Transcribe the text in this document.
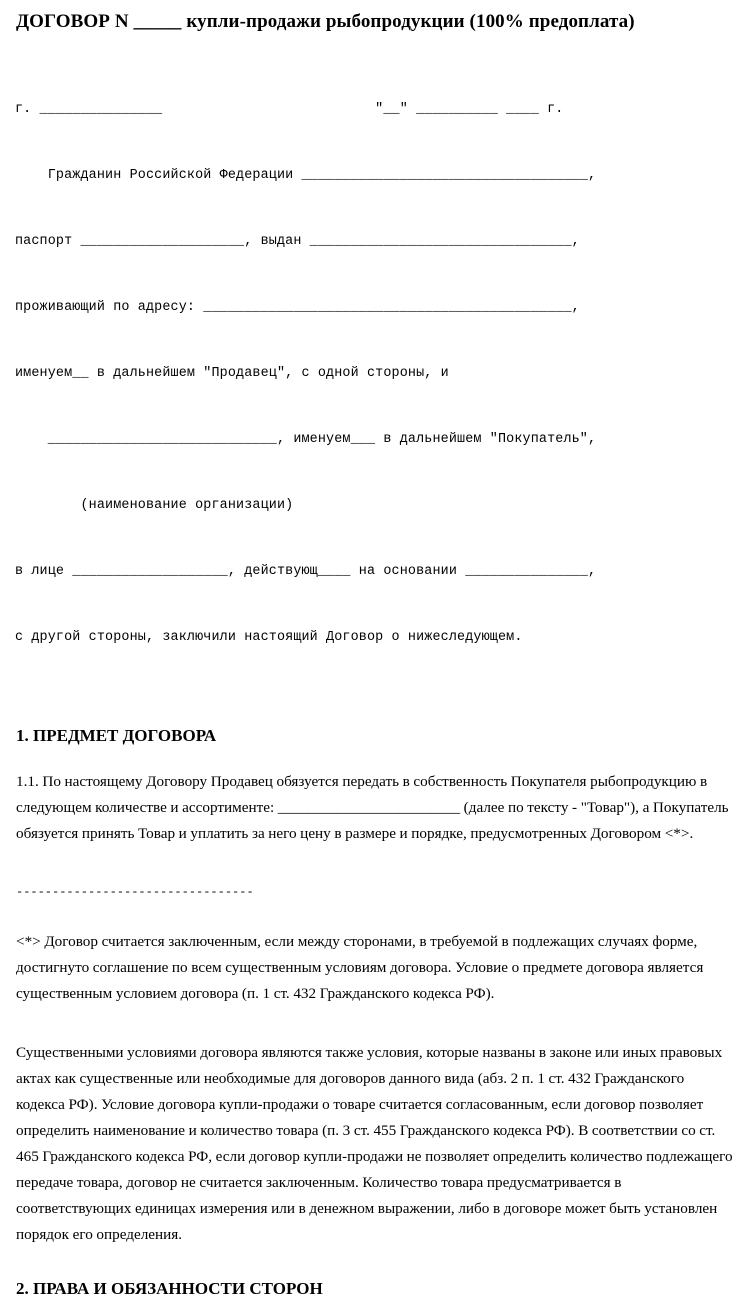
ДОГОВОР N _____ купли-продажи рыбопродукции (100% предоплата)

г. _______________                          "__" __________ ____ г.

Гражданин Российской Федерации ___________________________________,

паспорт ____________________, выдан ________________________________,

проживающий по адресу: _____________________________________________,

именуем__ в дальнейшем "Продавец", с одной стороны, и

____________________________, именуем___ в дальнейшем "Покупатель",

(наименование организации)

в лице ___________________, действующ____ на основании _______________,

с другой стороны, заключили настоящий Договор о нижеследующем.

1. ПРЕДМЕТ ДОГОВОРА

1.1. По настоящему Договору Продавец обязуется передать в собственность Покупателя рыбопродукцию в следующем количестве и ассортименте: ________________________ (далее по тексту - "Товар"), а Покупатель обязуется принять Товар и уплатить за него цену в размере и порядке, предусмотренных Договором <*>.

---------------------------------

<*> Договор считается заключенным, если между сторонами, в требуемой в подлежащих случаях форме, достигнуто соглашение по всем существенным условиям договора. Условие о предмете договора является существенным условием договора (п. 1 ст. 432 Гражданского кодекса РФ).

Существенными условиями договора являются также условия, которые названы в законе или иных правовых актах как существенные или необходимые для договоров данного вида (абз. 2 п. 1 ст. 432 Гражданского кодекса РФ). Условие договора купли-продажи о товаре считается согласованным, если договор позволяет определить наименование и количество товара (п. 3 ст. 455 Гражданского кодекса РФ). В соответствии со ст. 465 Гражданского кодекса РФ, если договор купли-продажи не позволяет определить количество подлежащего передаче товара, договор не считается заключенным. Количество товара предусматривается в соответствующих единицах измерения или в денежном выражении, либо в договоре может быть установлен порядок его определения.

2. ПРАВА И ОБЯЗАННОСТИ СТОРОН
